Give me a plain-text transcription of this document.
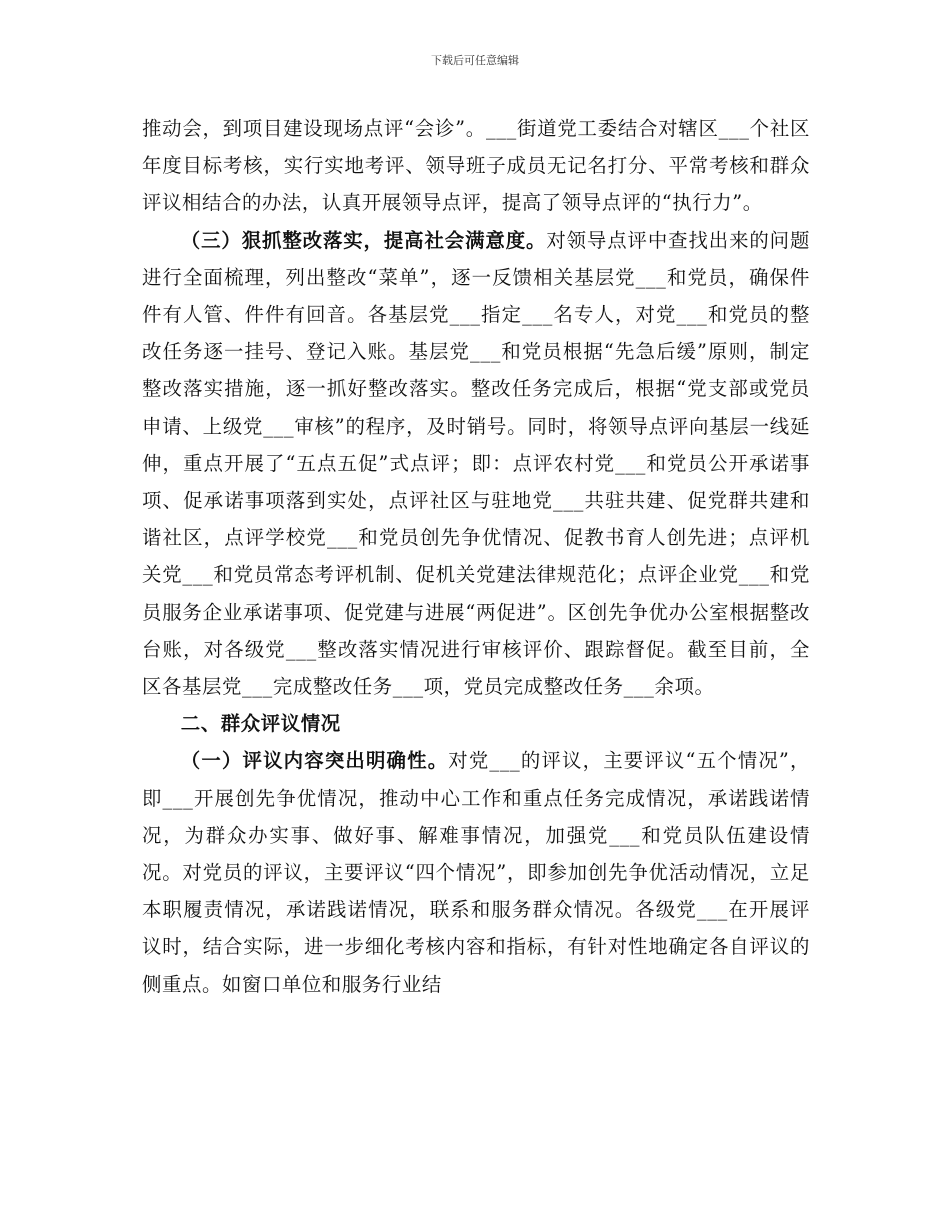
下载后可任意编辑

推动会，到项目建设现场点评“会诊”。___街道党工委结合对辖区___个社区年度目标考核，实行实地考评、领导班子成员无记名打分、平常考核和群众评议相结合的办法，认真开展领导点评，提高了领导点评的“执行力”。

（三）狠抓整改落实，提高社会满意度。对领导点评中查找出来的问题进行全面梳理，列出整改“菜单”，逐一反馈相关基层党___和党员，确保件件有人管、件件有回音。各基层党___指定___名专人，对党___和党员的整改任务逐一挂号、登记入账。基层党___和党员根据“先急后缓”原则，制定整改落实措施，逐一抓好整改落实。整改任务完成后，根据“党支部或党员申请、上级党___审核”的程序，及时销号。同时，将领导点评向基层一线延伸，重点开展了“五点五促”式点评；即：点评农村党___和党员公开承诺事项、促承诺事项落到实处，点评社区与驻地党___共驻共建、促党群共建和谐社区，点评学校党___和党员创先争优情况、促教书育人创先进；点评机关党___和党员常态考评机制、促机关党建法律规范化；点评企业党___和党员服务企业承诺事项、促党建与进展“两促进”。区创先争优办公室根据整改台账，对各级党___整改落实情况进行审核评价、跟踪督促。截至目前，全区各基层党___完成整改任务___项，党员完成整改任务___余项。

二、群众评议情况

（一）评议内容突出明确性。对党___的评议，主要评议“五个情况”，即___开展创先争优情况，推动中心工作和重点任务完成情况，承诺践诺情况，为群众办实事、做好事、解难事情况，加强党___和党员队伍建设情况。对党员的评议，主要评议“四个情况”，即参加创先争优活动情况，立足本职履责情况，承诺践诺情况，联系和服务群众情况。各级党___在开展评议时，结合实际，进一步细化考核内容和指标，有针对性地确定各自评议的侧重点。如窗口单位和服务行业结
